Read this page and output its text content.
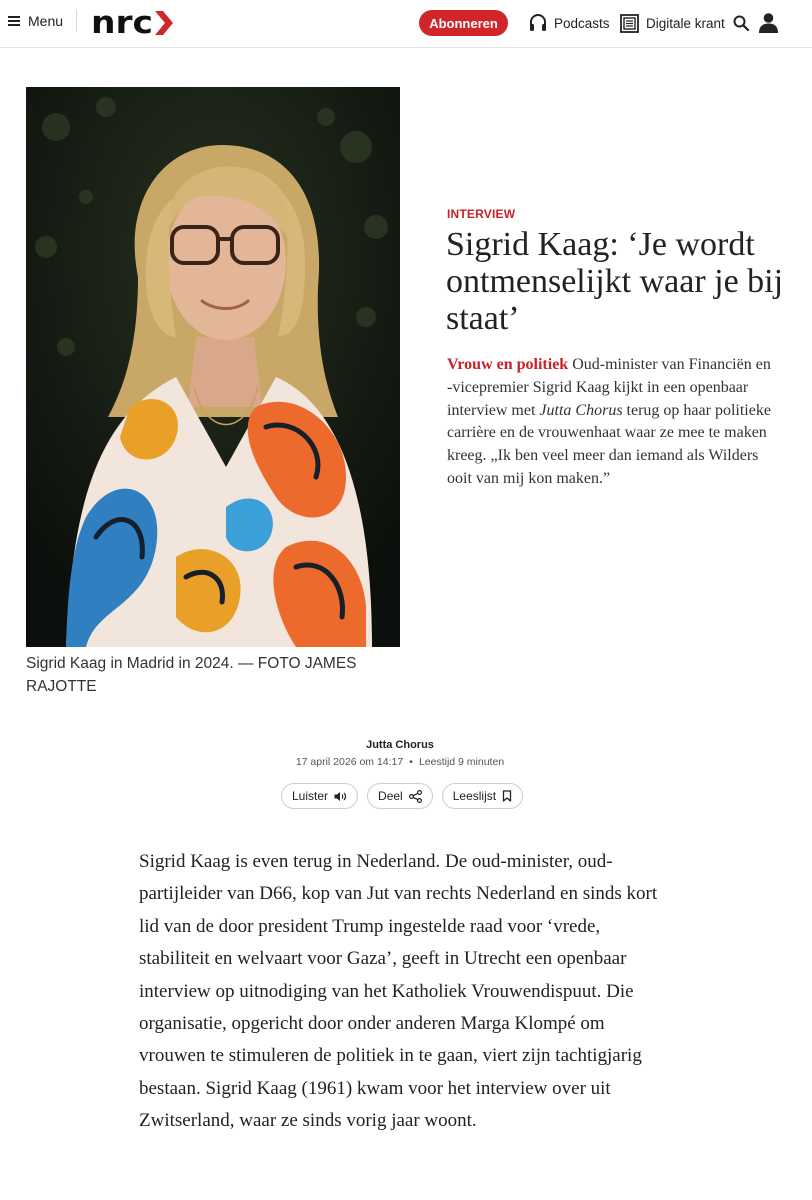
Menu nrc	Abonneren	Podcasts	Digitale krant
Sigrid Kaag in Madrid in 2024. — FOTO JAMES RAJOTTE
INTERVIEW
Sigrid Kaag: ‘Je wordt ontmenselijkt waar je bij staat’

Vrouw en politiek Oud-minister van Financiën en -vicepremier Sigrid Kaag kijkt in een openbaar interview met Jutta Chorus terug op haar politieke carrière en de vrouwenhaat waar ze mee te maken kreeg. „Ik ben veel meer dan iemand als Wilders ooit van mij kon maken.”

Jutta Chorus
17 april 2026 om 14:17 • Leestijd 9 minuten
Luister	Deel	Leeslijst

Sigrid Kaag is even terug in Nederland. De oud-minister, oud-partijleider van D66, kop van Jut van rechts Nederland en sinds kort lid van de door president Trump ingestelde raad voor ‘vrede, stabiliteit en welvaart voor Gaza’, geeft in Utrecht een openbaar interview op uitnodiging van het Katholiek Vrouwendispuut. Die organisatie, opgericht door onder anderen Marga Klompé om vrouwen te stimuleren de politiek in te gaan, viert zijn tachtigjarig bestaan. Sigrid Kaag (1961) kwam voor het interview over uit Zwitserland, waar ze sinds vorig jaar woont.
